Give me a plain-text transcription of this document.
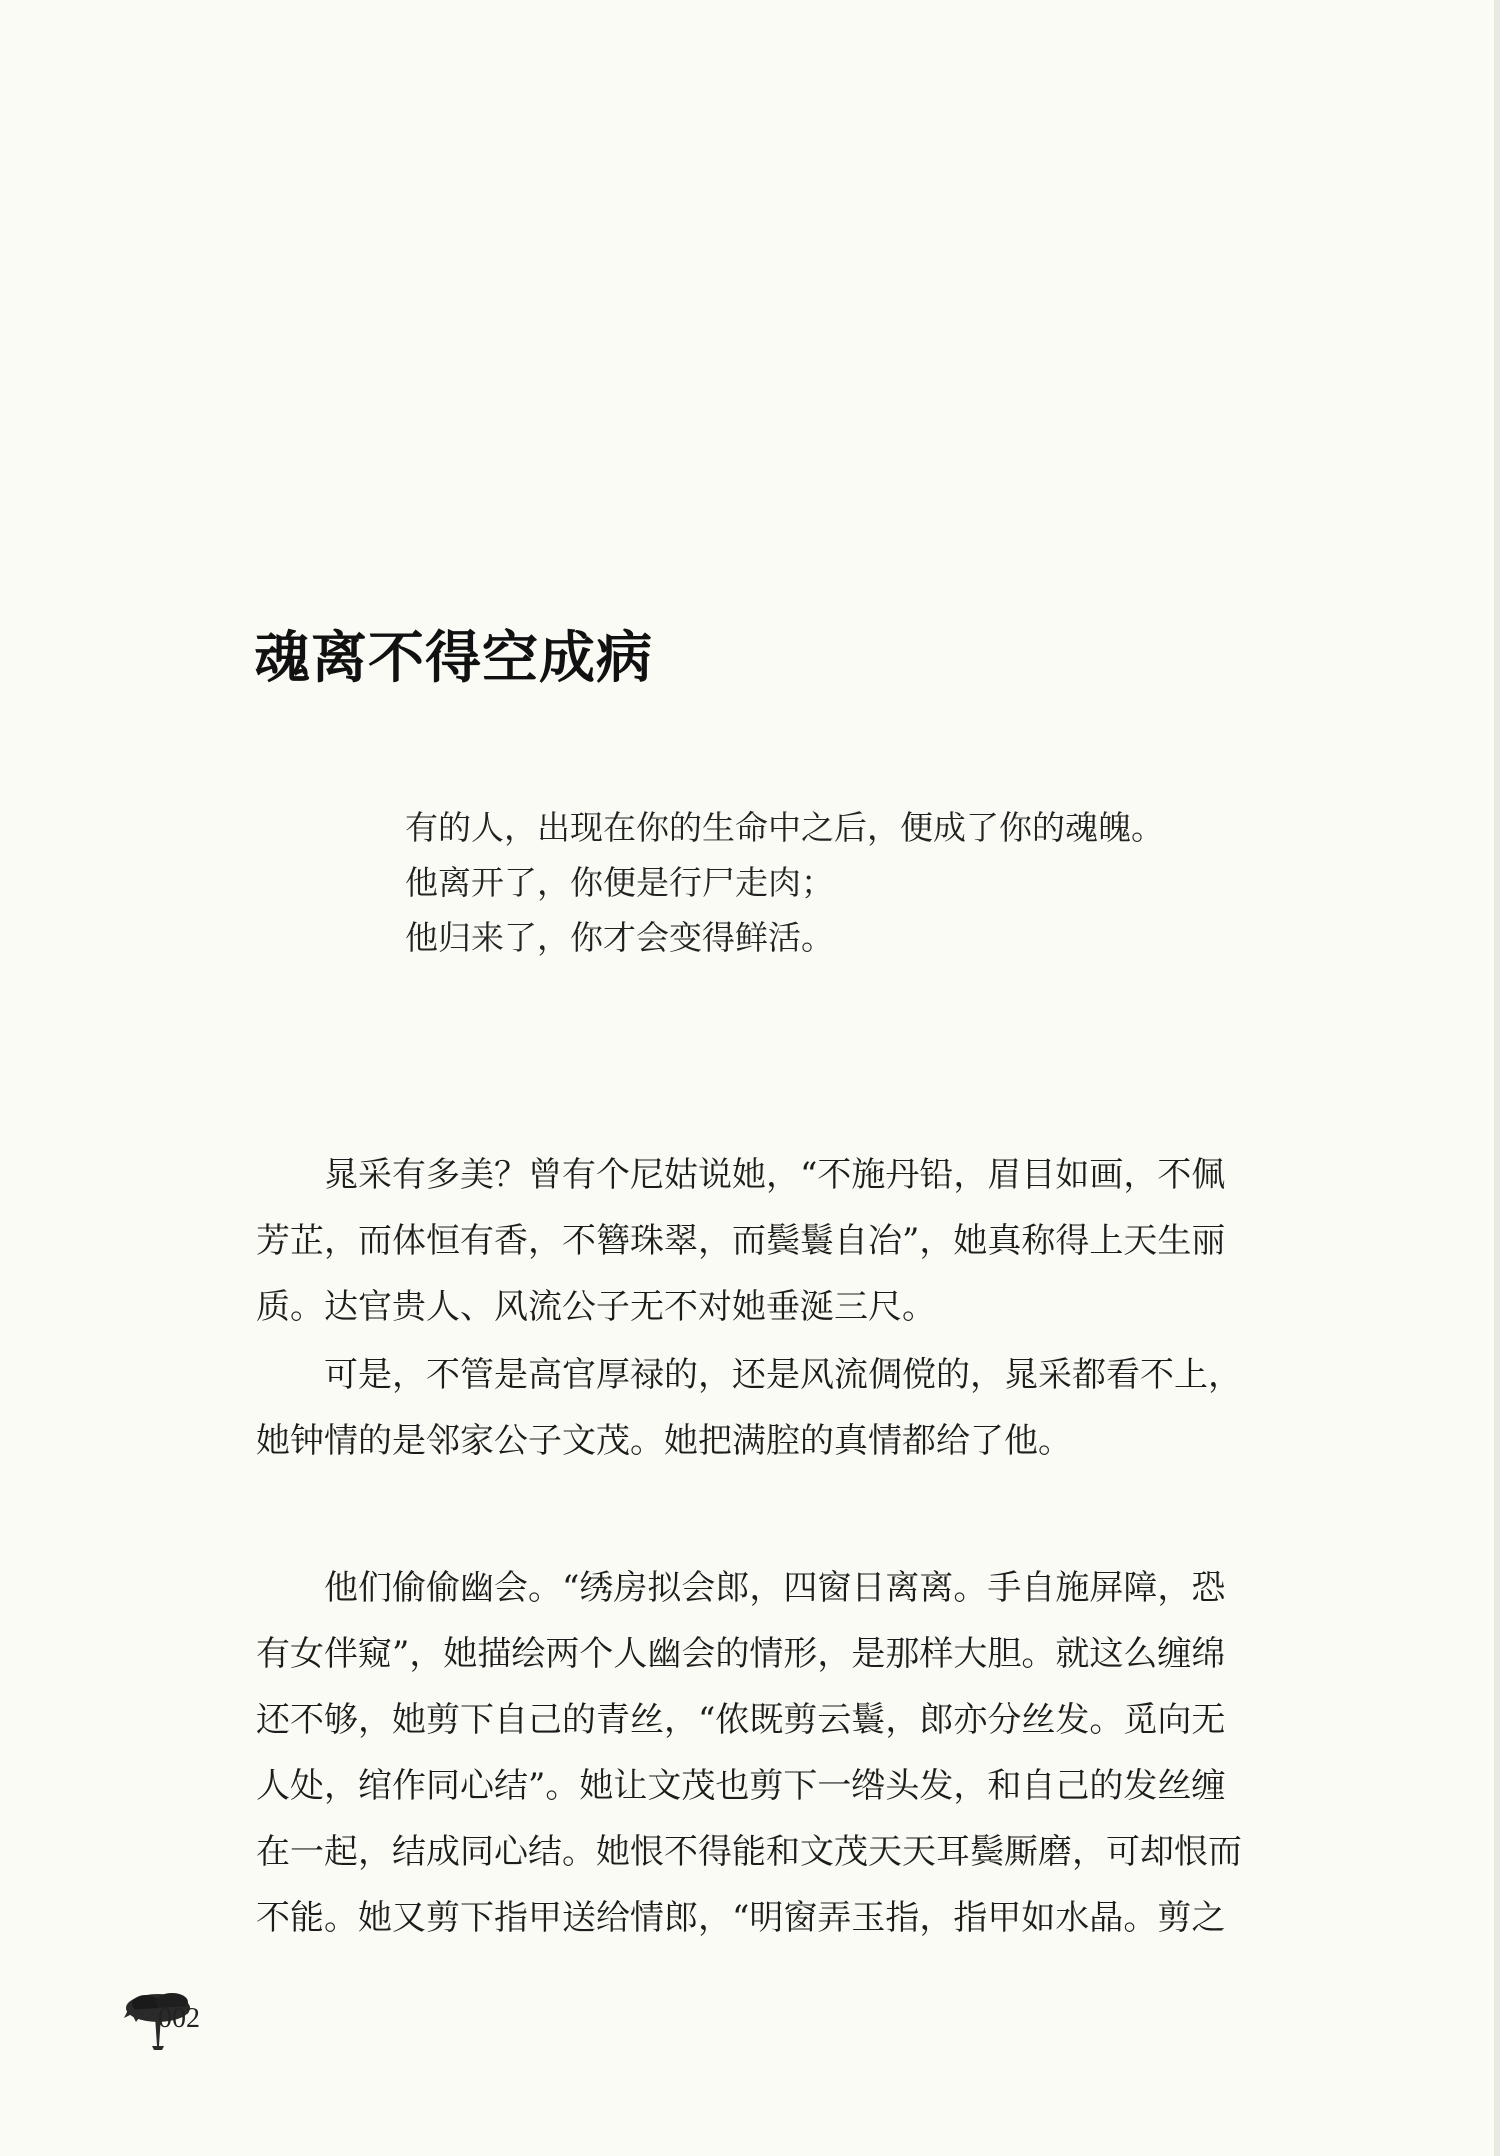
魂离不得空成病
有的人，出现在你的生命中之后，便成了你的魂魄。
他离开了，你便是行尸走肉；
他归来了，你才会变得鲜活。
晁采有多美？曾有个尼姑说她，“不施丹铅，眉目如画，不佩
芳芷，而体恒有香，不簪珠翠，而鬓鬟自冶”，她真称得上天生丽
质。达官贵人、风流公子无不对她垂涎三尺。
可是，不管是高官厚禄的，还是风流倜傥的，晁采都看不上，
她钟情的是邻家公子文茂。她把满腔的真情都给了他。
他们偷偷幽会。“绣房拟会郎，四窗日离离。手自施屏障，恐
有女伴窥”，她描绘两个人幽会的情形，是那样大胆。就这么缠绵
还不够，她剪下自己的青丝，“侬既剪云鬟，郎亦分丝发。觅向无
人处，绾作同心结”。她让文茂也剪下一绺头发，和自己的发丝缠
在一起，结成同心结。她恨不得能和文茂天天耳鬓厮磨，可却恨而
不能。她又剪下指甲送给情郎，“明窗弄玉指，指甲如水晶。剪之
002
